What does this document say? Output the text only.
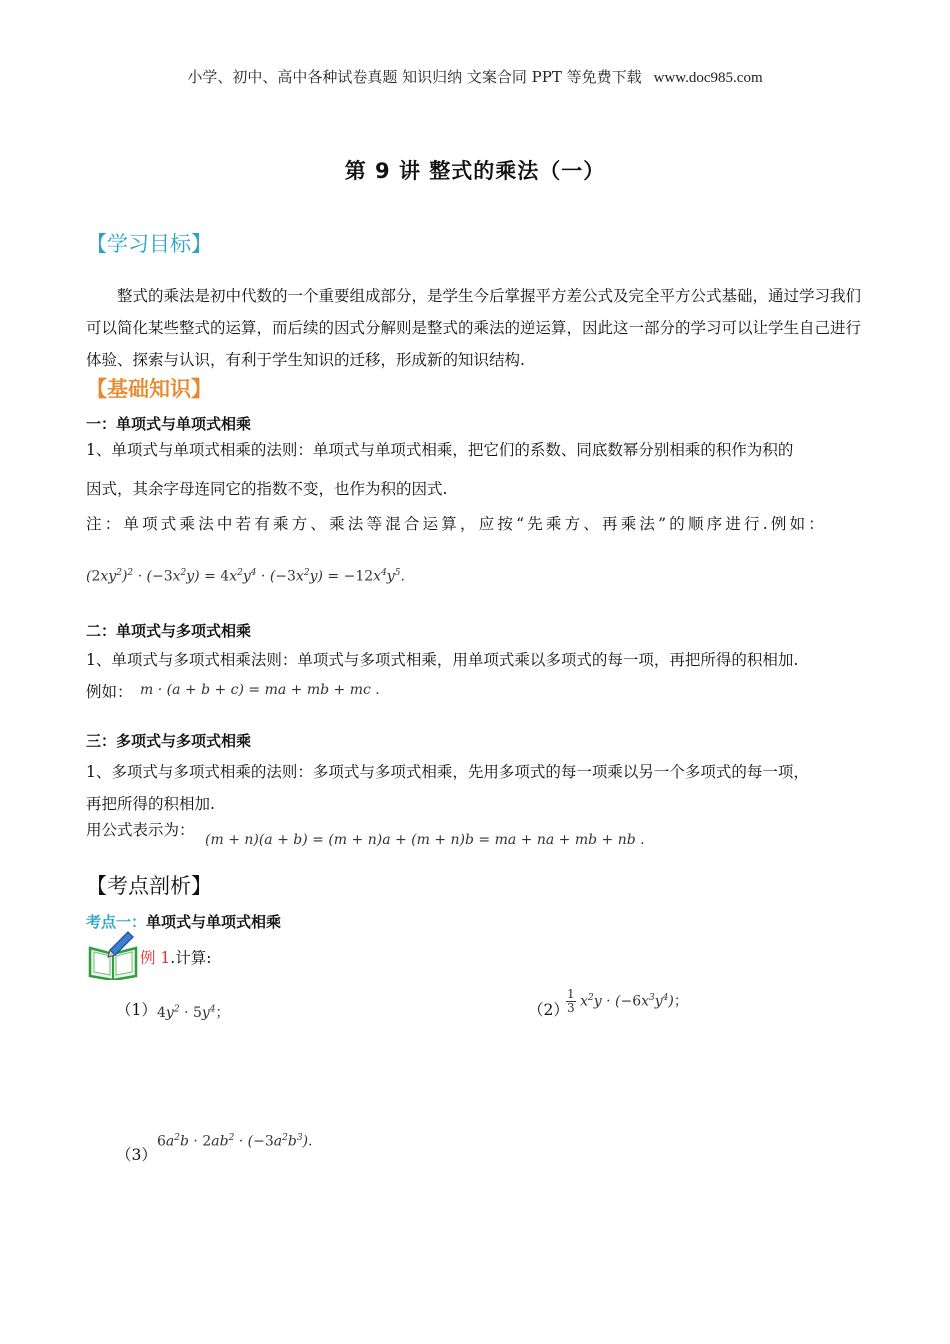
小学、初中、高中各种试卷真题 知识归纳 文案合同 PPT 等免费下载 www.doc985.com
第 9 讲 整式的乘法（一）
【学习目标】
整式的乘法是初中代数的一个重要组成部分，是学生今后掌握平方差公式及完全平方公式基础，通过学习我们可以简化某些整式的运算，而后续的因式分解则是整式的乘法的逆运算，因此这一部分的学习可以让学生自己进行体验、探索与认识，有利于学生知识的迁移，形成新的知识结构.
【基础知识】
一：单项式与单项式相乘
1、单项式与单项式相乘的法则：单项式与单项式相乘，把它们的系数、同底数幂分别相乘的积作为积的
因式，其余字母连同它的指数不变，也作为积的因式.
注：单项式乘法中若有乘方、乘法等混合运算，应按“先乘方、再乘法”的顺序进行.例如：
$(2xy^2)^2 \cdot (-3x^2y) = 4x^2y^4 \cdot (-3x^2y) = -12x^4y^5$.
二：单项式与多项式相乘
1、单项式与多项式相乘法则：单项式与多项式相乘，用单项式乘以多项式的每一项，再把所得的积相加.
例如： m · (a + b + c) = ma + mb + mc .
三：多项式与多项式相乘
1、多项式与多项式相乘的法则：多项式与多项式相乘，先用多项式的每一项乘以另一个多项式的每一项，
再把所得的积相加.
用公式表示为：
(m + n)(a + b) = (m + n)a + (m + n)b = ma + na + mb + nb .
【考点剖析】
考点一：单项式与单项式相乘
例 1.计算:
（1） $4y^2 \cdot 5y^4$；	（2）
$\frac{1}{3} x^2y \cdot (-6x^3y^4)$；
（3）
$6a^2b \cdot 2ab^2 \cdot (-3a^2b^3)$.
